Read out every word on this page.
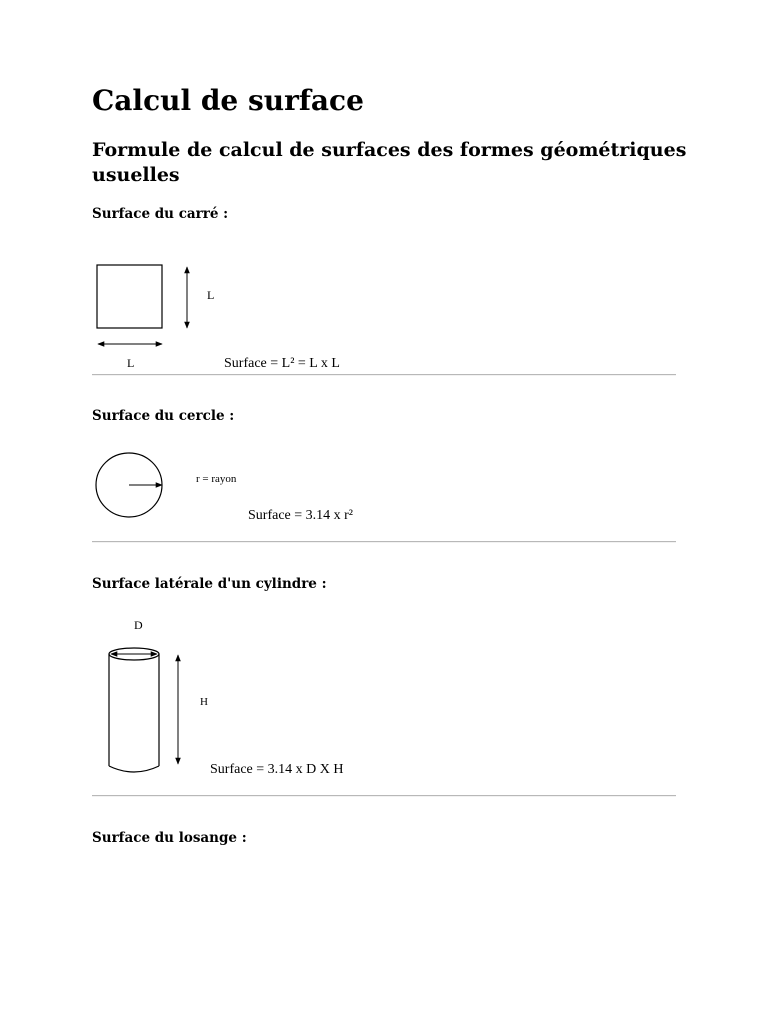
Calcul de surface
Formule de calcul de surfaces des formes géométriques usuelles
Surface du carré :
L
L	Surface = L² = L x L
Surface du cercle :
r = rayon
Surface = 3.14 x r²
Surface latérale d'un cylindre :
D
H
Surface = 3.14 x D X H
Surface du losange :
